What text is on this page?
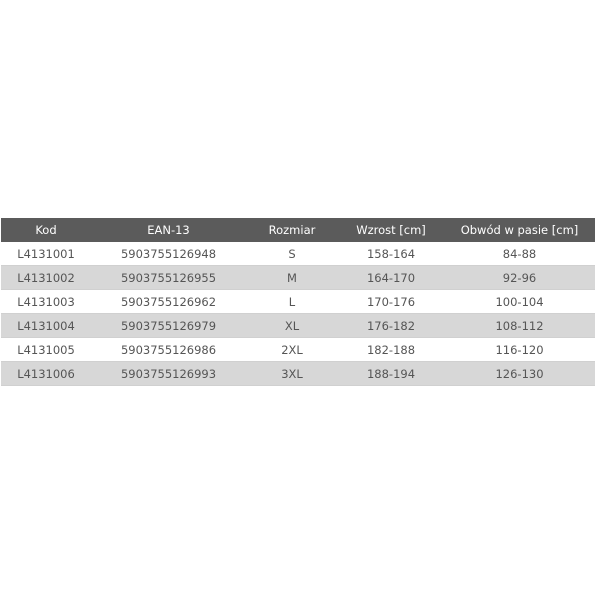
Kod	EAN-13	Rozmiar	Wzrost [cm]	Obwód w pasie [cm]
L4131001	5903755126948	S	158-164	84-88
L4131002	5903755126955	M	164-170	92-96
L4131003	5903755126962	L	170-176	100-104
L4131004	5903755126979	XL	176-182	108-112
L4131005	5903755126986	2XL	182-188	116-120
L4131006	5903755126993	3XL	188-194	126-130
